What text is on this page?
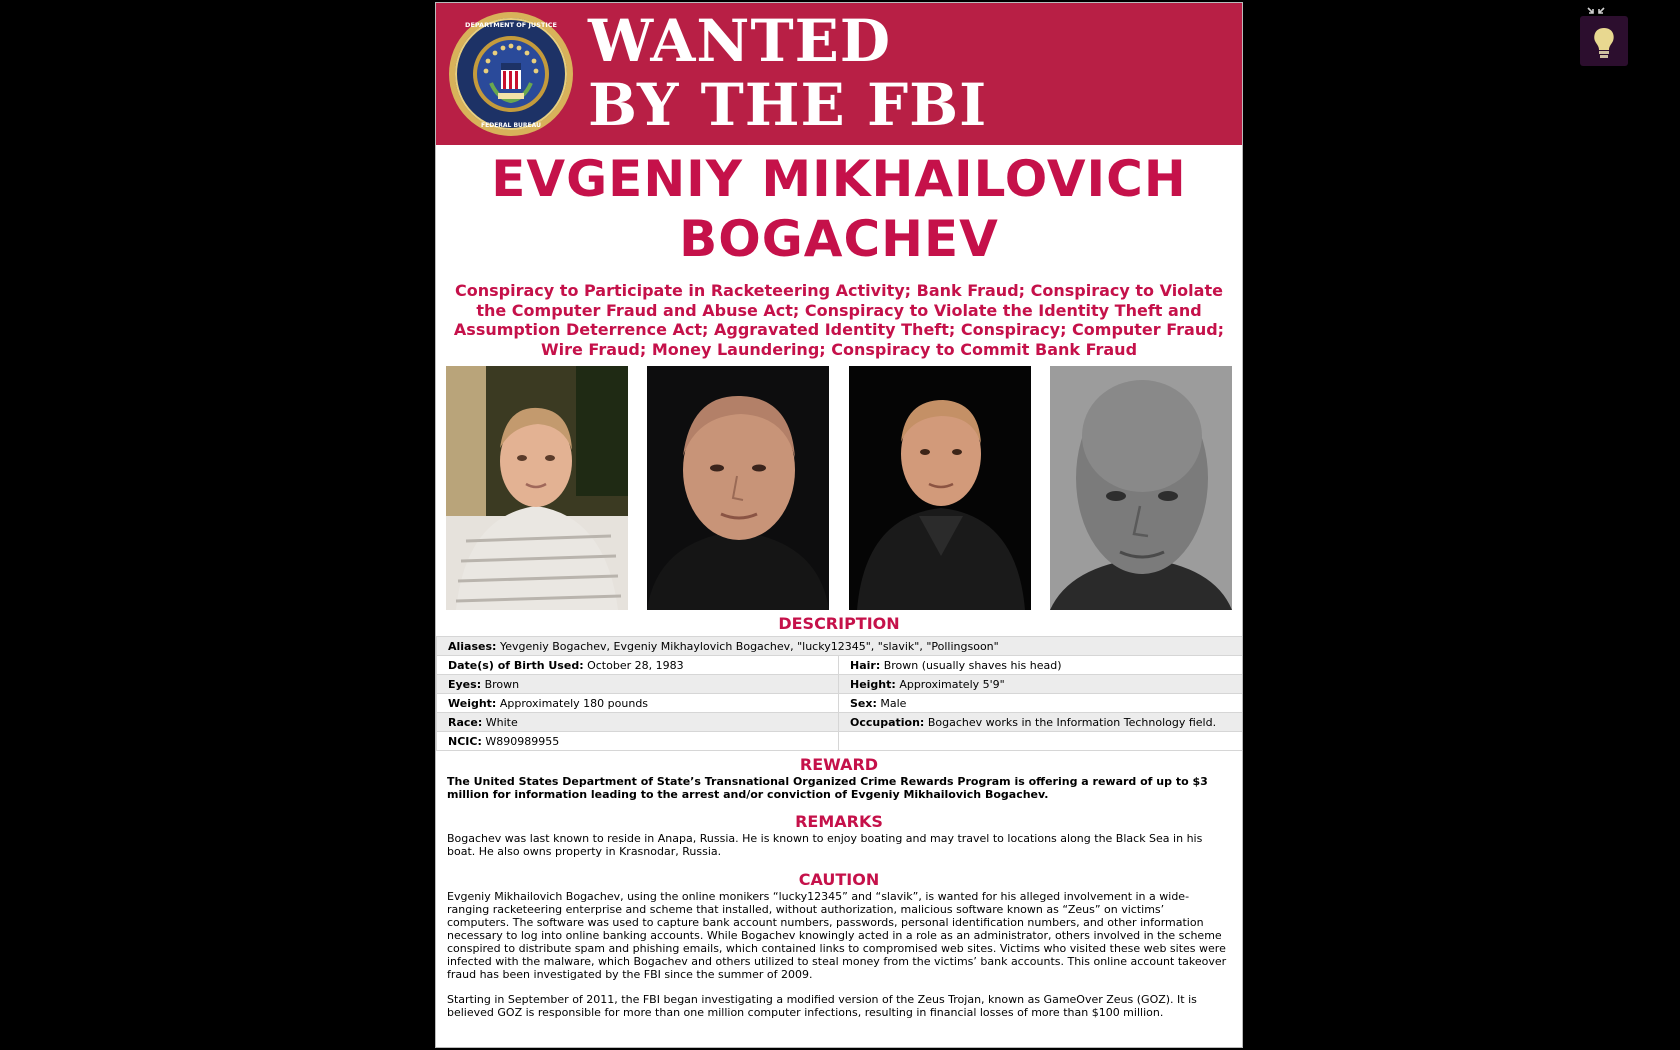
DEPARTMENT OF JUSTICE
FEDERAL BUREAU
WANTED
BY THE FBI
EVGENIY MIKHAILOVICH
BOGACHEV
Conspiracy to Participate in Racketeering Activity; Bank Fraud; Conspiracy to Violate the Computer Fraud and Abuse Act; Conspiracy to Violate the Identity Theft and Assumption Deterrence Act; Aggravated Identity Theft; Conspiracy; Computer Fraud; Wire Fraud; Money Laundering; Conspiracy to Commit Bank Fraud
DESCRIPTION
Aliases: Yevgeniy Bogachev, Evgeniy Mikhaylovich Bogachev, "lucky12345", "slavik", "Pollingsoon"	
Date(s) of Birth Used: October 28, 1983	Hair: Brown (usually shaves his head)
Eyes: Brown	Height: Approximately 5'9"
Weight: Approximately 180 pounds	Sex: Male
Race: White	Occupation: Bogachev works in the Information Technology field.
NCIC: W890989955	
REWARD
The United States Department of State’s Transnational Organized Crime Rewards Program is offering a reward of up to $3 million for information leading to the arrest and/or conviction of Evgeniy Mikhailovich Bogachev.
REMARKS
Bogachev was last known to reside in Anapa, Russia. He is known to enjoy boating and may travel to locations along the Black Sea in his boat. He also owns property in Krasnodar, Russia.
CAUTION
Evgeniy Mikhailovich Bogachev, using the online monikers “lucky12345” and “slavik”, is wanted for his alleged involvement in a wide-ranging racketeering enterprise and scheme that installed, without authorization, malicious software known as “Zeus” on victims’ computers. The software was used to capture bank account numbers, passwords, personal identification numbers, and other information necessary to log into online banking accounts. While Bogachev knowingly acted in a role as an administrator, others involved in the scheme conspired to distribute spam and phishing emails, which contained links to compromised web sites. Victims who visited these web sites were infected with the malware, which Bogachev and others utilized to steal money from the victims’ bank accounts. This online account takeover fraud has been investigated by the FBI since the summer of 2009.
Starting in September of 2011, the FBI began investigating a modified version of the Zeus Trojan, known as GameOver Zeus (GOZ). It is believed GOZ is responsible for more than one million computer infections, resulting in financial losses of more than $100 million.
